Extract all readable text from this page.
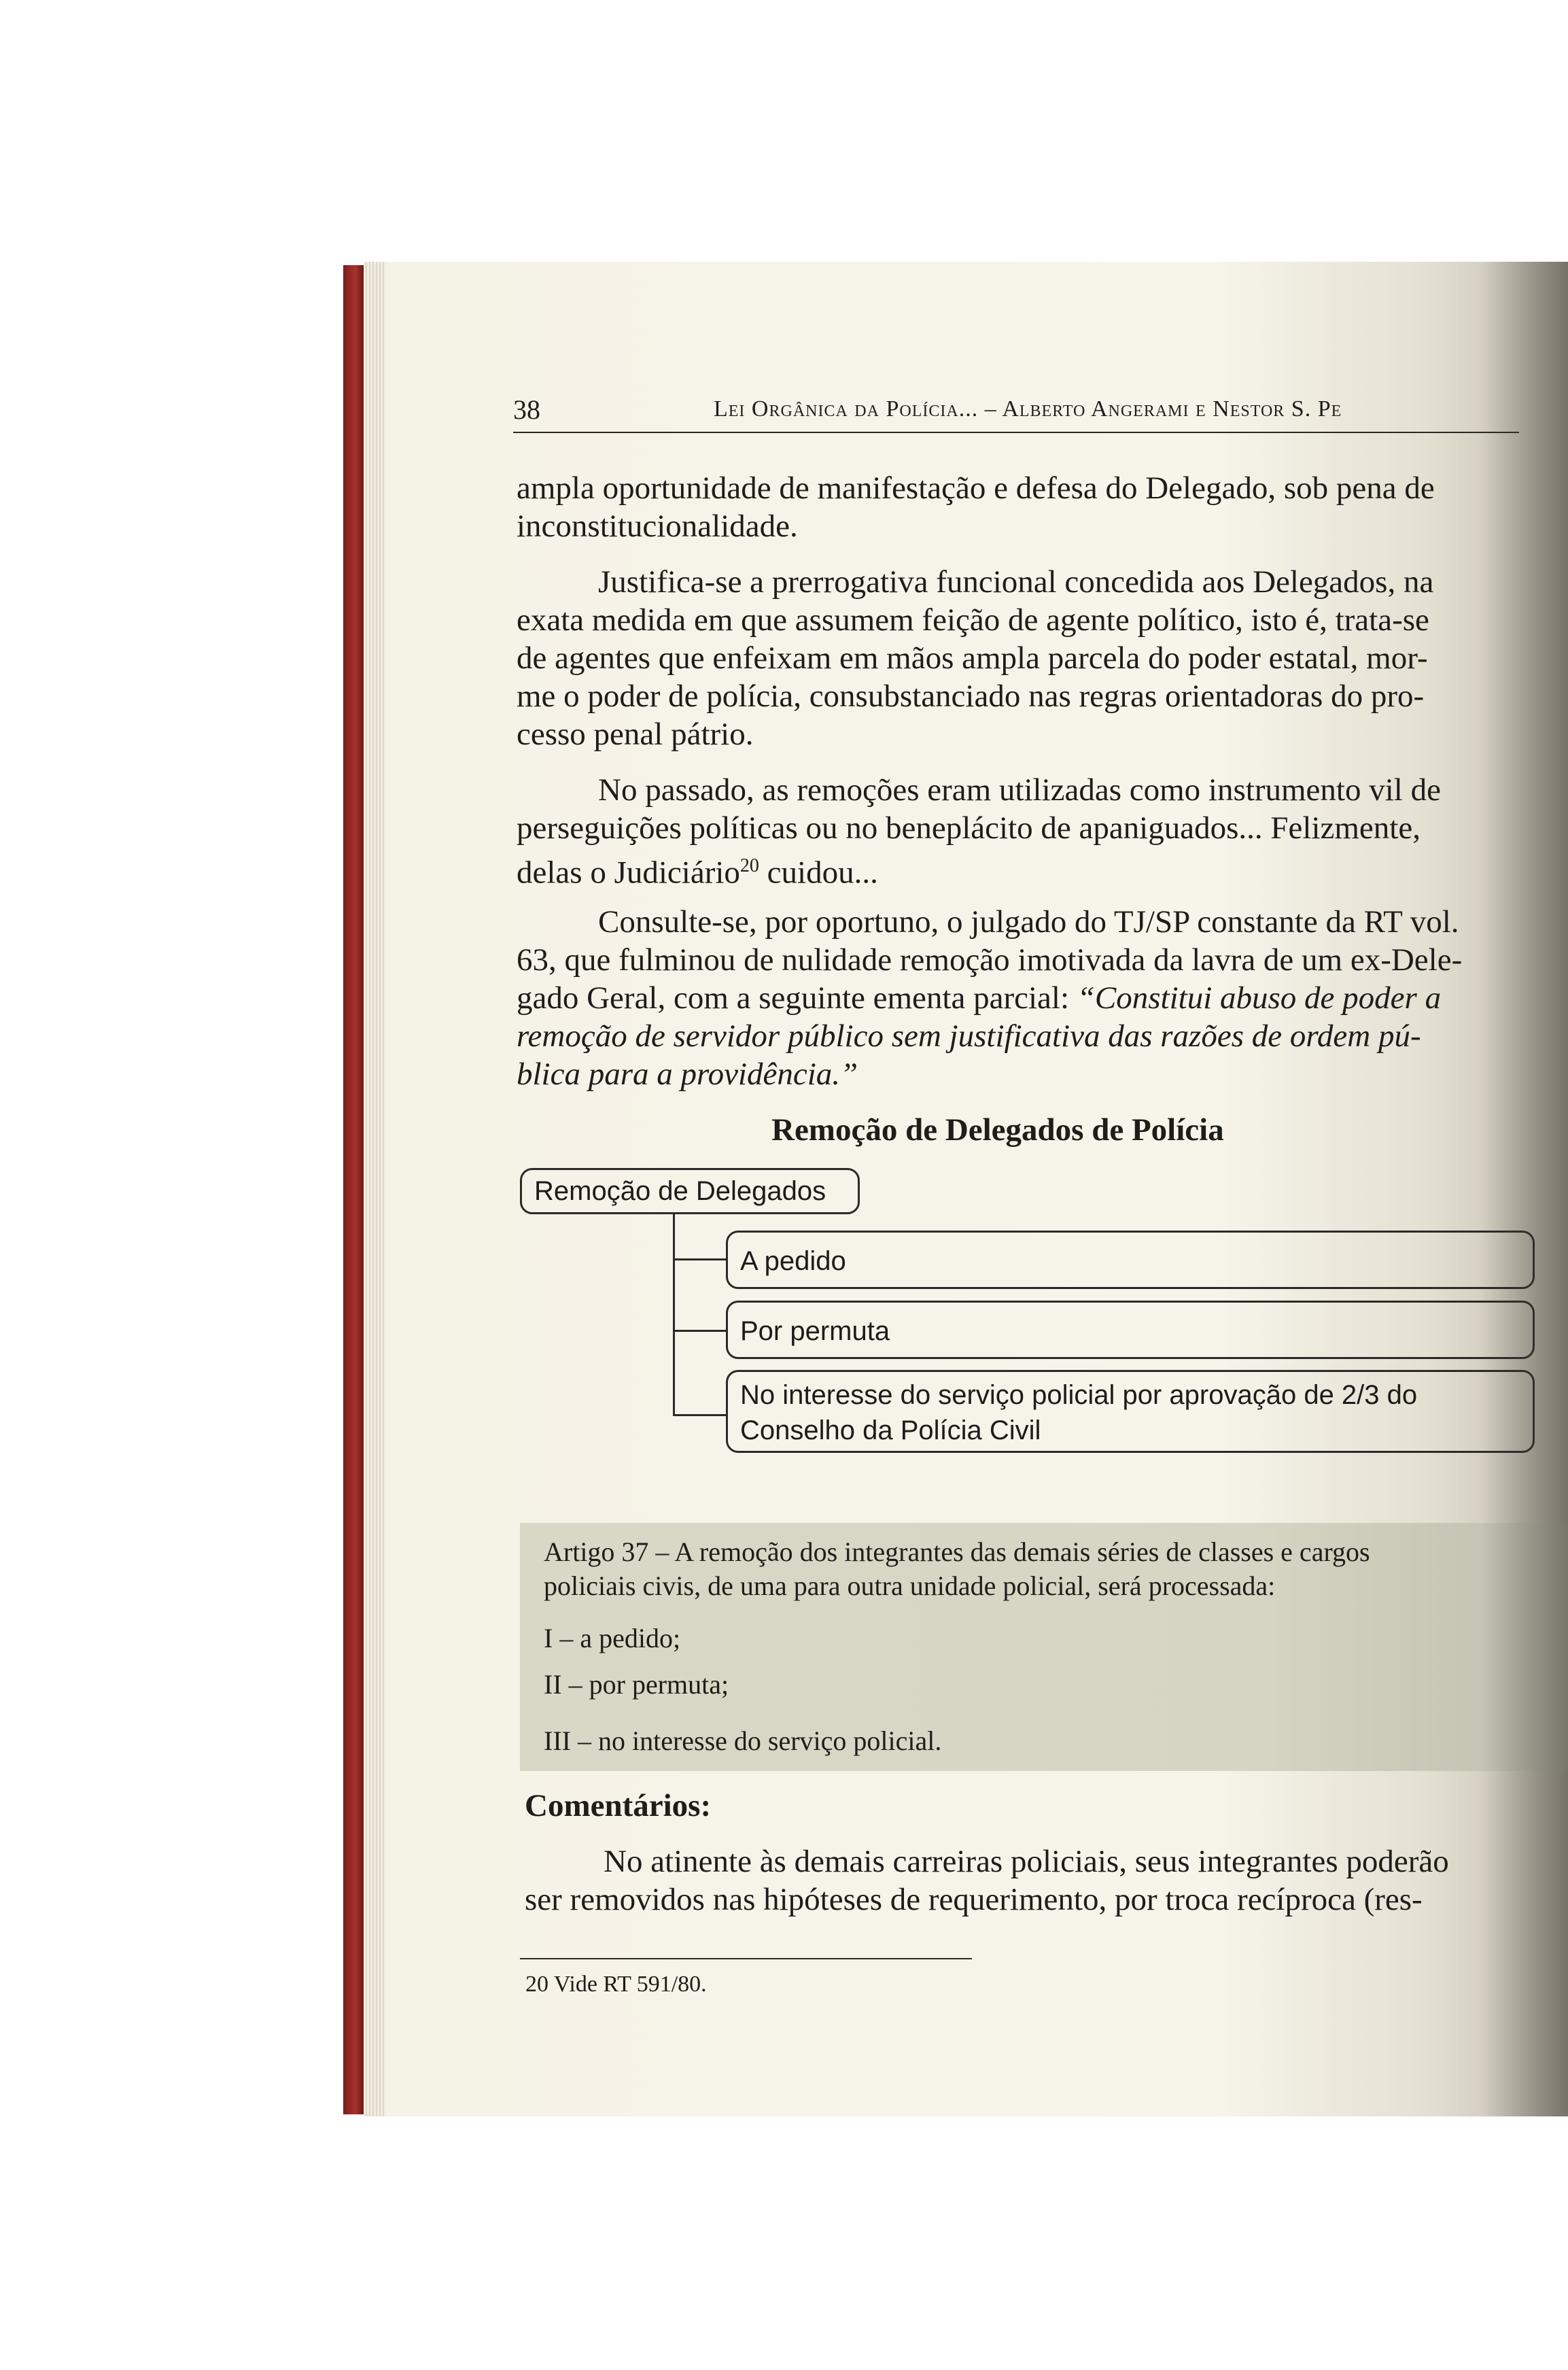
38	Lei Orgânica da Polícia... – Alberto Angerami e Nestor S. Pe
ampla oportunidade de manifestação e defesa do Delegado, sob pena de
inconstitucionalidade.
Justifica-se a prerrogativa funcional concedida aos Delegados, na
exata medida em que assumem feição de agente político, isto é, trata-se
de agentes que enfeixam em mãos ampla parcela do poder estatal, mor-
me o poder de polícia, consubstanciado nas regras orientadoras do pro-
cesso penal pátrio.
No passado, as remoções eram utilizadas como instrumento vil de
perseguições políticas ou no beneplácito de apaniguados... Felizmente,
delas o Judiciário$^{20}$ cuidou...
Consulte-se, por oportuno, o julgado do TJ/SP constante da RT vol.
63, que fulminou de nulidade remoção imotivada da lavra de um ex-Dele-
gado Geral, com a seguinte ementa parcial: “Constitui abuso de poder a
remoção de servidor público sem justificativa das razões de ordem pú-
blica para a providência.”
Remoção de Delegados de Polícia
Remoção de Delegados
A pedido
Por permuta
No interesse do serviço policial por aprovação de 2/3 do
Conselho da Polícia Civil
Artigo 37 – A remoção dos integrantes das demais séries de classes e cargos
policiais civis, de uma para outra unidade policial, será processada:
I – a pedido;
II – por permuta;
III – no interesse do serviço policial.
Comentários:
No atinente às demais carreiras policiais, seus integrantes poderão
ser removidos nas hipóteses de requerimento, por troca recíproca (res-
20 Vide RT 591/80.
